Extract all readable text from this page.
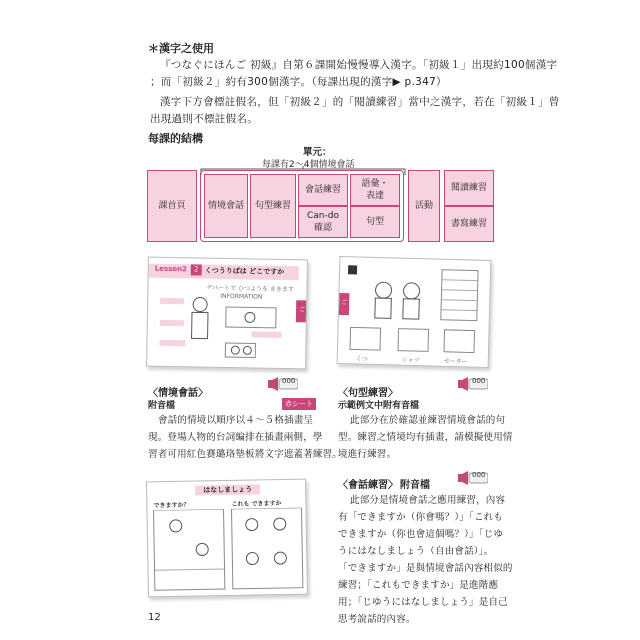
＊漢字之使用
『つなぐにほんご 初級』自第６課開始慢慢導入漢字。「初級１」出現約100個漢字
；而「初級２」約有300個漢字。（每課出現的漢字▶ p.347）
漢字下方會標註假名，但「初級２」的「閱讀練習」當中之漢字，若在「初級１」曾
出現過則不標註假名。
每課的結構
單元：
每課有2～4個情境會話
課首頁 情境會話 句型練習
會話練習
Can-do
確認
語彙・
表達
句型
活動
閱讀練習
書寫練習
Lesson2 2 くつうりばは どこですか
デパートで ひつようを ききます
INFORMATION
ご
〈情境會話〉
附音檔
000
赤シート
會話的情境以順序以４～５格插畫呈
現。登場人物的台詞編排在插畫兩側，學
習者可用紅色賽璐珞墊板將文字遮蓋著練習。
くつ	シャツ	セーター
ご
〈句型練習〉
示範例文中附有音檔
000
此部分在於確認並練習情境會話的句
型。練習之情境均有插畫，請模擬使用情
境進行練習。
はなしましょう
できますか？	これも できますか
〈會話練習〉 附音檔
000
此部分是情境會話之應用練習，內容
有「できますか（你會嗎？）」「これも
できますか（你也會這個嗎？）」「じゆ
うにはなしましょう（自由會話）」。
「できますか」是與情境會話內容相似的
練習；「これもできますか」是進階應
用；「じゆうにはなしましょう」是自己
思考說話的內容。
12
